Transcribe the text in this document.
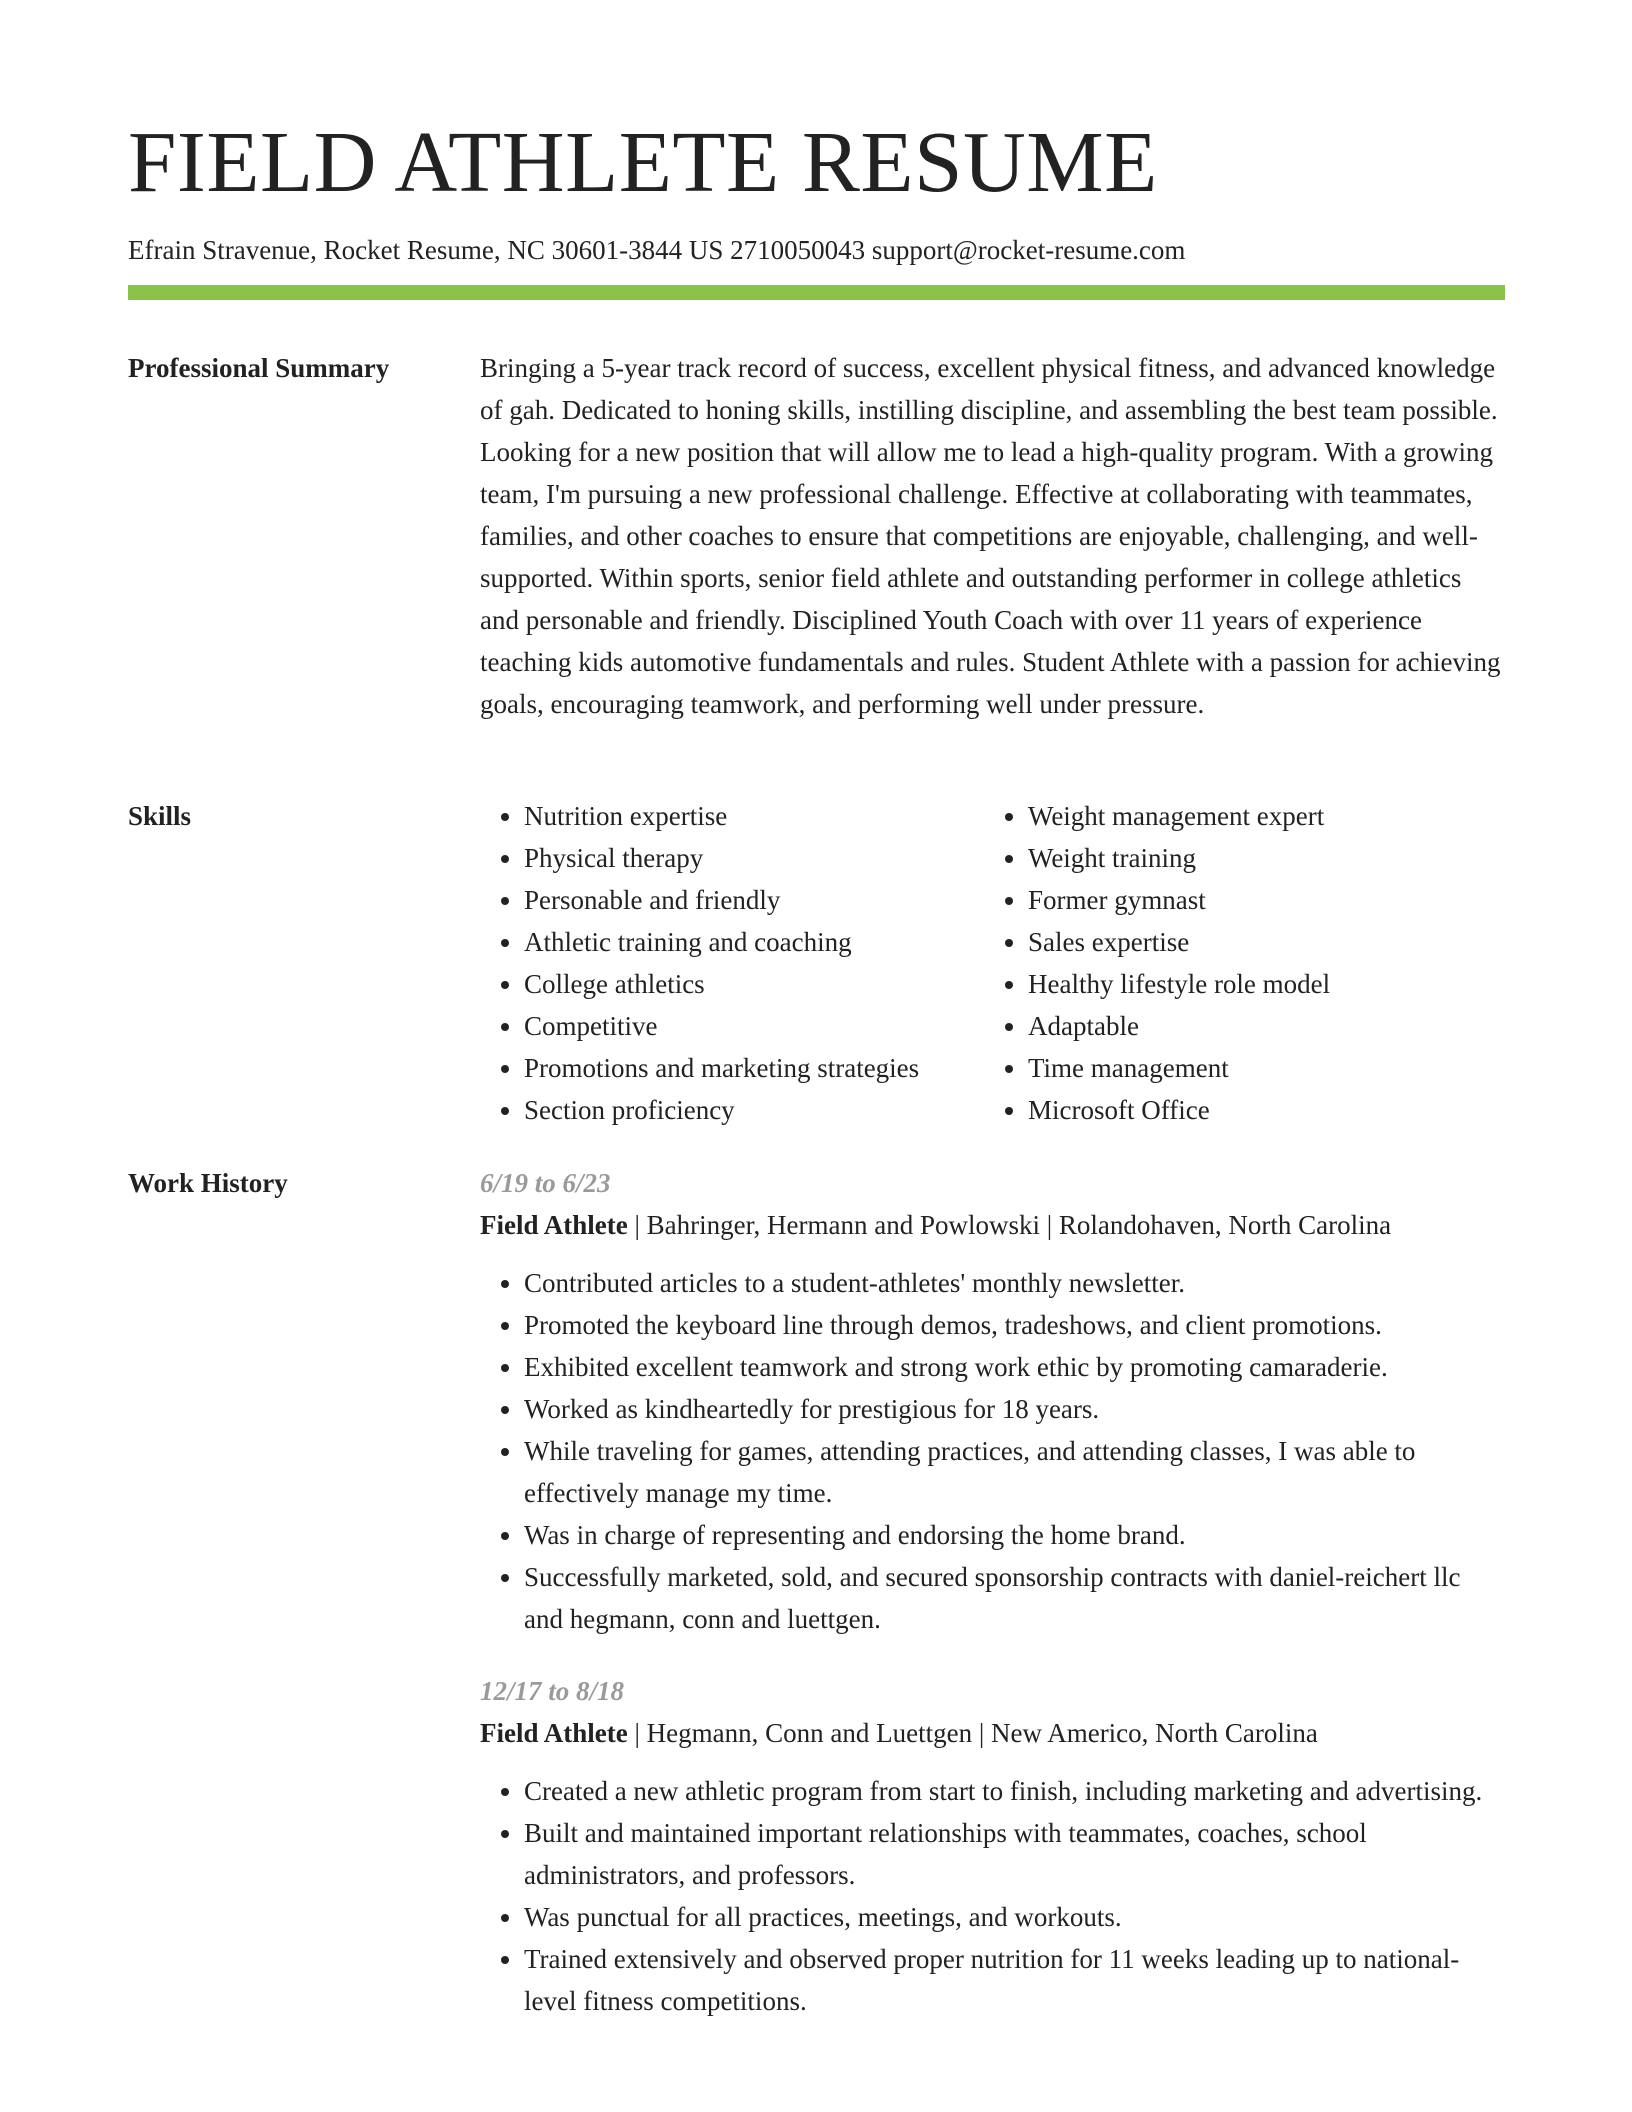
FIELD ATHLETE RESUME
Efrain Stravenue, Rocket Resume, NC 30601-3844 US 2710050043 support@rocket-resume.com
Professional Summary	Bringing a 5-year track record of success, excellent physical fitness, and advanced knowledge of gah. Dedicated to honing skills, instilling discipline, and assembling the best team possible. Looking for a new position that will allow me to lead a high-quality program. With a growing team, I'm pursuing a new professional challenge. Effective at collaborating with teammates, families, and other coaches to ensure that competitions are enjoyable, challenging, and well-supported. Within sports, senior field athlete and outstanding performer in college athletics and personable and friendly. Disciplined Youth Coach with over 11 years of experience teaching kids automotive fundamentals and rules. Student Athlete with a passion for achieving goals, encouraging teamwork, and performing well under pressure.

Skills
•	Nutrition expertise
• Physical therapy
• Personable and friendly
• Athletic training and coaching
• College athletics
• Competitive
• Promotions and marketing strategies
• Section proficiency
• Weight management expert
• Weight training
• Former gymnast
• Sales expertise
• Healthy lifestyle role model
• Adaptable
• Time management
• Microsoft Office
Work History	6/19 to 6/23
Field Athlete | Bahringer, Hermann and Powlowski | Rolandohaven, North Carolina
• Contributed articles to a student-athletes' monthly newsletter.
• Promoted the keyboard line through demos, tradeshows, and client promotions.
• Exhibited excellent teamwork and strong work ethic by promoting camaraderie.
• Worked as kindheartedly for prestigious for 18 years.
• While traveling for games, attending practices, and attending classes, I was able to effectively manage my time.
• Was in charge of representing and endorsing the home brand.
• Successfully marketed, sold, and secured sponsorship contracts with daniel-reichert llc and hegmann, conn and luettgen.
12/17 to 8/18
Field Athlete | Hegmann, Conn and Luettgen | New Americo, North Carolina
• Created a new athletic program from start to finish, including marketing and advertising.
• Built and maintained important relationships with teammates, coaches, school administrators, and professors.
• Was punctual for all practices, meetings, and workouts.
• Trained extensively and observed proper nutrition for 11 weeks leading up to national-level fitness competitions.
